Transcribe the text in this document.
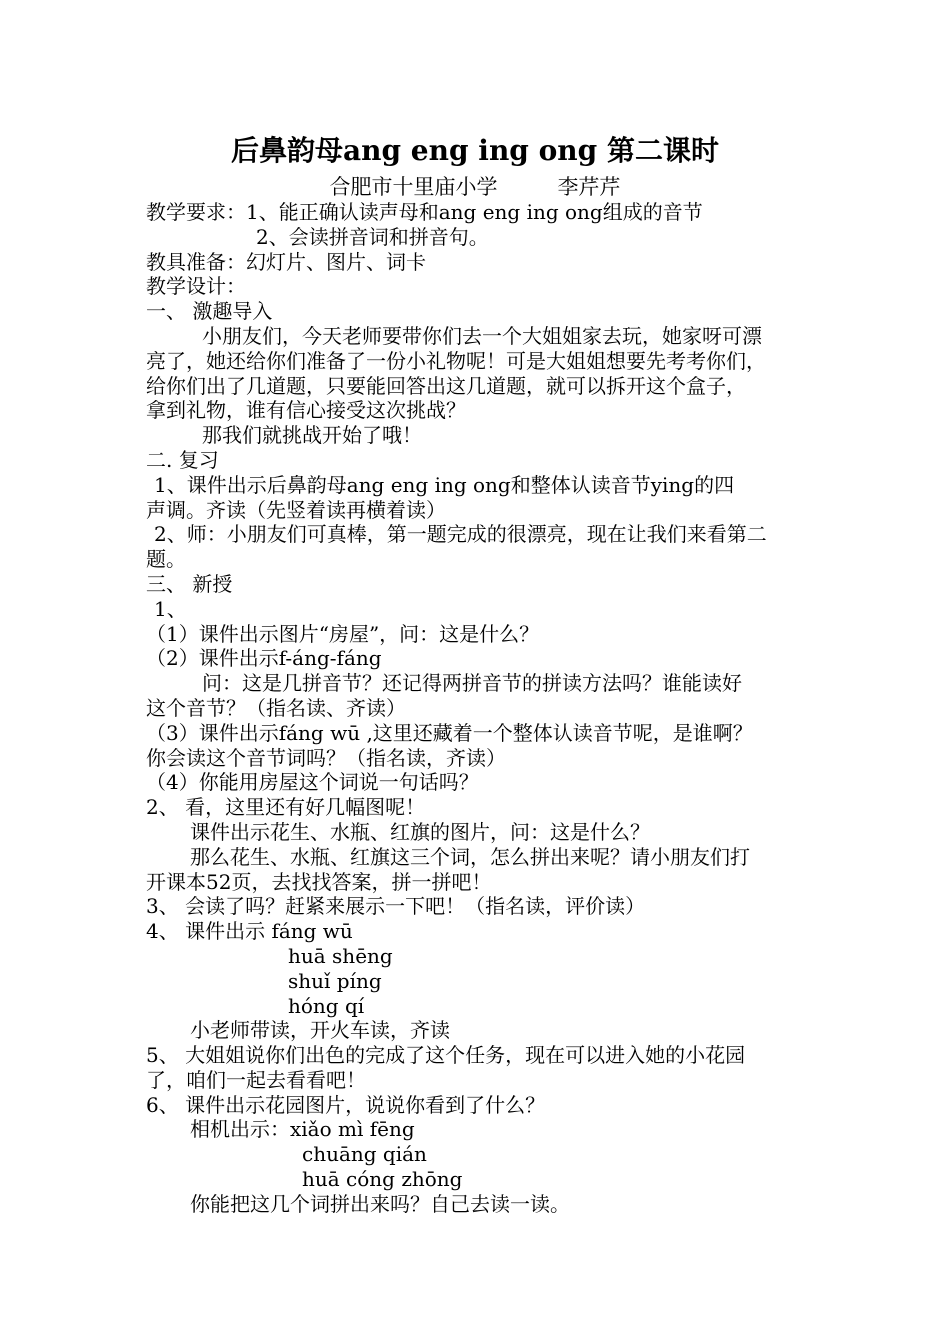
后鼻韵母ang eng ing ong 第二课时
合肥市十里庙小学	李芹芹
教学要求：1、能正确认读声母和ang eng ing ong组成的音节
2、会读拼音词和拼音句。
教具准备：幻灯片、图片、词卡
教学设计：
一、 激趣导入
小朋友们，今天老师要带你们去一个大姐姐家去玩，她家呀可漂
亮了，她还给你们准备了一份小礼物呢！可是大姐姐想要先考考你们，
给你们出了几道题，只要能回答出这几道题，就可以拆开这个盒子，
拿到礼物，谁有信心接受这次挑战？
那我们就挑战开始了哦！
二. 复习
1、课件出示后鼻韵母ang eng ing ong和整体认读音节ying的四
声调。齐读（先竖着读再横着读）
2、师：小朋友们可真棒，第一题完成的很漂亮，现在让我们来看第二
题。
三、 新授
1、
（1）课件出示图片“房屋”，问：这是什么？
（2）课件出示f-áng-fáng
问：这是几拼音节？还记得两拼音节的拼读方法吗？谁能读好
这个音节？（指名读、齐读）
（3）课件出示fáng wū ,这里还藏着一个整体认读音节呢，是谁啊？
你会读这个音节词吗？（指名读，齐读）
（4）你能用房屋这个词说一句话吗？
2、 看，这里还有好几幅图呢！
课件出示花生、水瓶、红旗的图片，问：这是什么？
那么花生、水瓶、红旗这三个词，怎么拼出来呢？请小朋友们打
开课本52页，去找找答案，拼一拼吧！
3、 会读了吗？赶紧来展示一下吧！（指名读，评价读）
4、 课件出示 fáng wū
huā shēng
shuǐ píng
hóng qí
小老师带读，开火车读，齐读
5、 大姐姐说你们出色的完成了这个任务，现在可以进入她的小花园
了，咱们一起去看看吧！
6、 课件出示花园图片，说说你看到了什么？
相机出示：xiǎo mì fēng
chuāng qián
huā cóng zhōng
你能把这几个词拼出来吗？自己去读一读。
